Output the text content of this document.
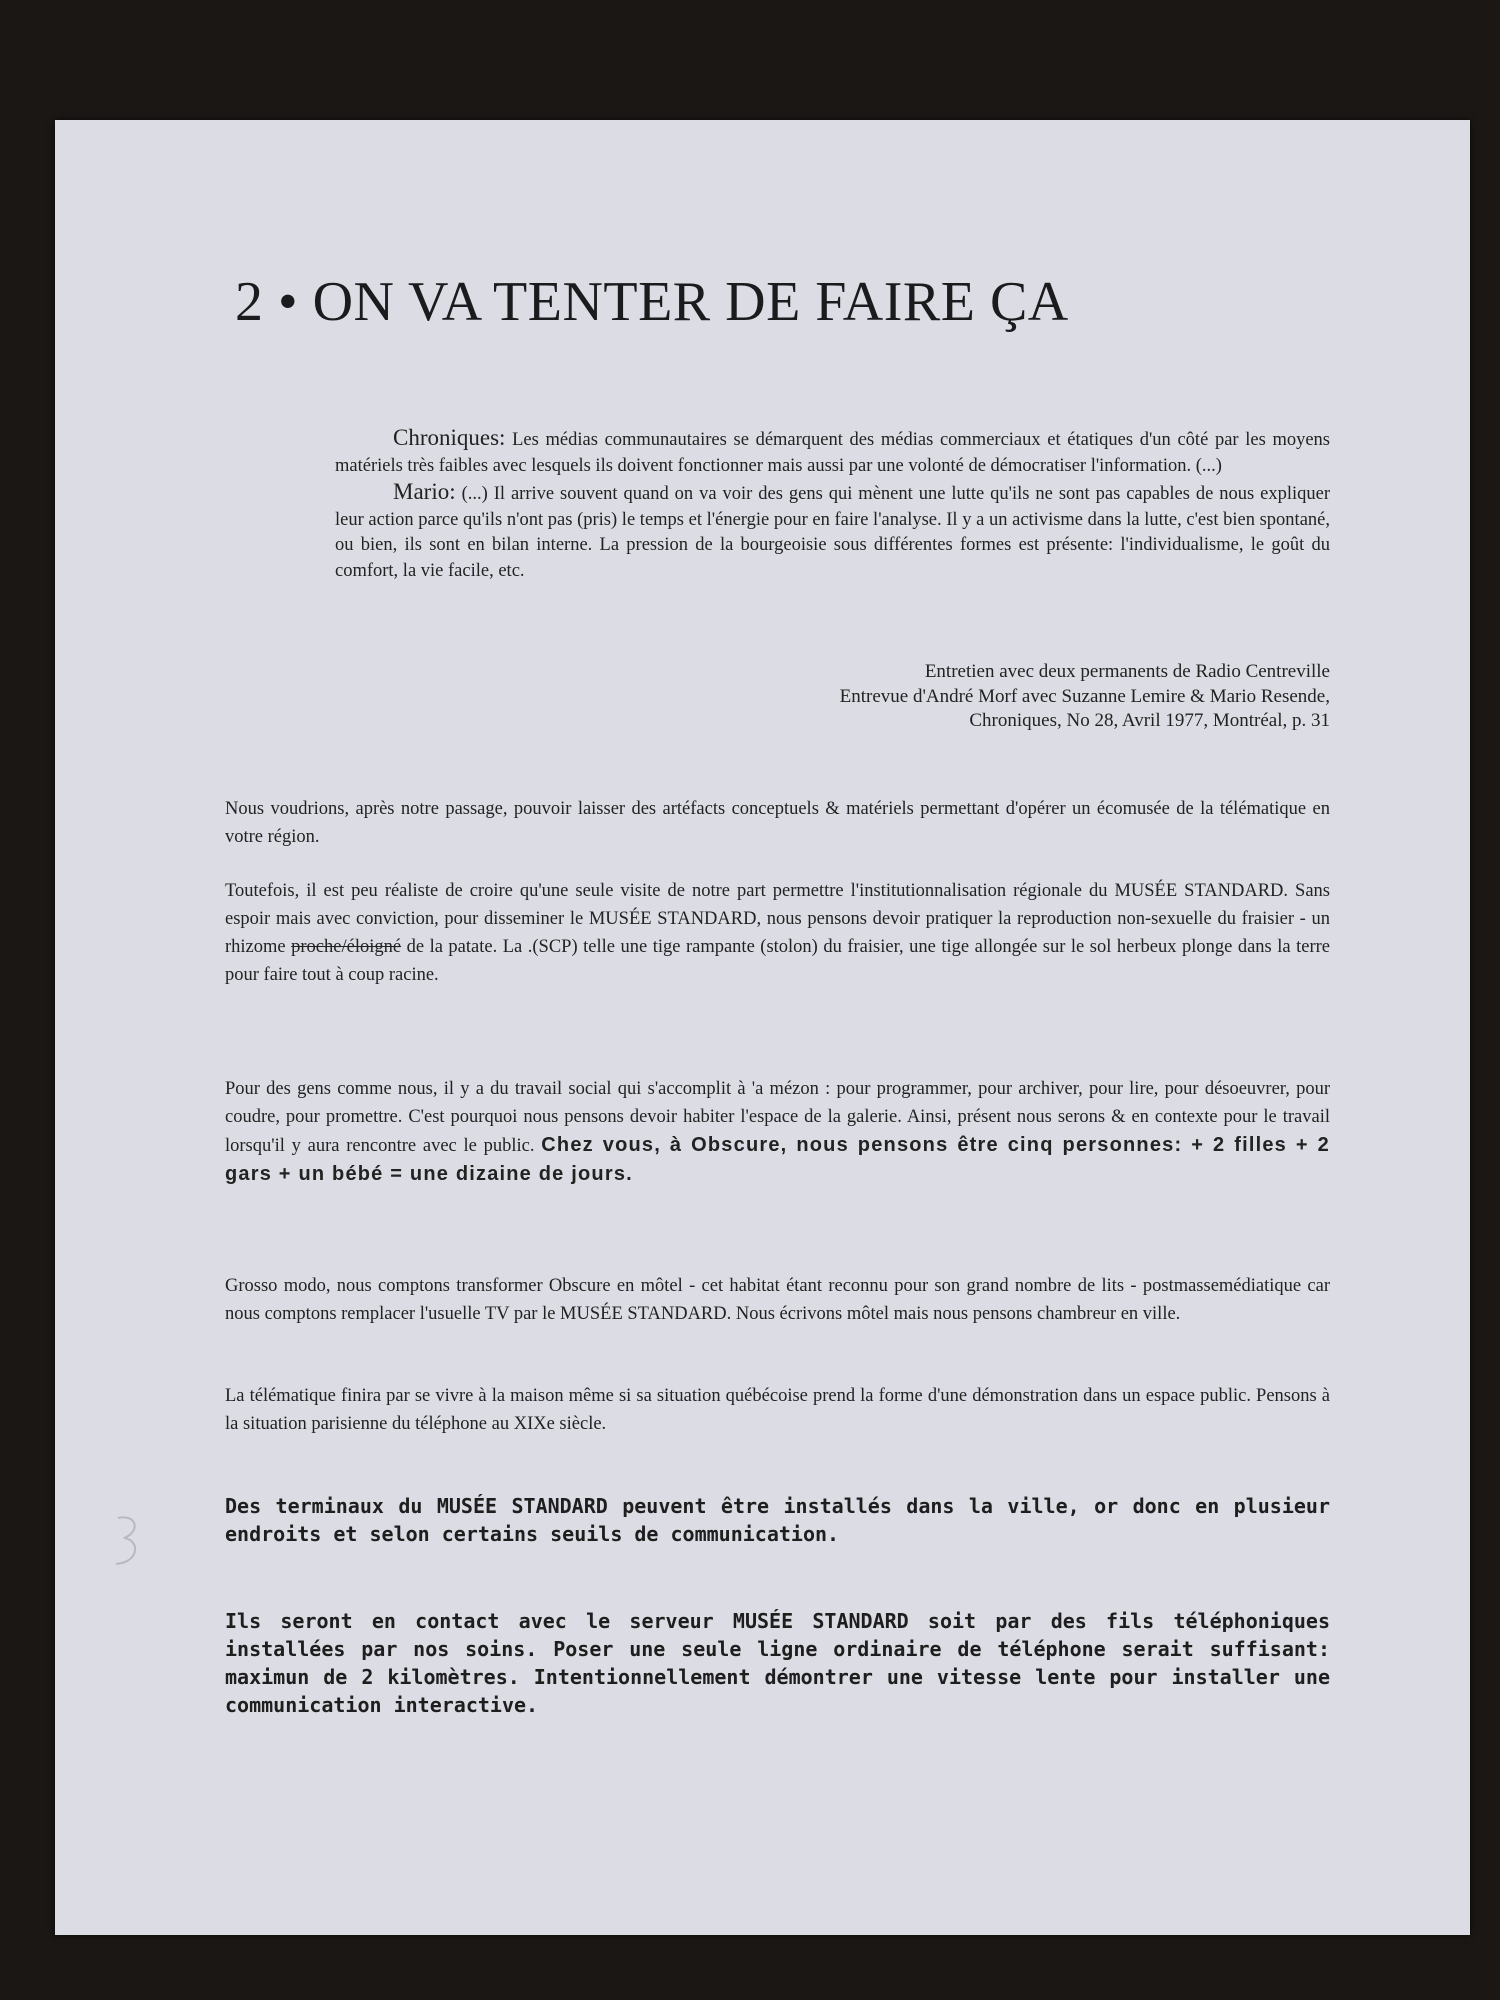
2 • ON VA TENTER DE FAIRE ÇA

Chroniques: Les médias communautaires se démarquent des médias commerciaux et étatiques d'un côté par les moyens matériels très faibles avec lesquels ils doivent fonctionner mais aussi par une volonté de démocratiser l'information. (...)

Mario: (...) Il arrive souvent quand on va voir des gens qui mènent une lutte qu'ils ne sont pas capables de nous expliquer leur action parce qu'ils n'ont pas (pris) le temps et l'énergie pour en faire l'analyse. Il y a un activisme dans la lutte, c'est bien spontané, ou bien, ils sont en bilan interne. La pression de la bourgeoisie sous différentes formes est présente: l'individualisme, le goût du comfort, la vie facile, etc.

Entretien avec deux permanents de Radio Centreville
Entrevue d'André Morf avec Suzanne Lemire & Mario Resende,
Chroniques, No 28, Avril 1977, Montréal, p. 31

Nous voudrions, après notre passage, pouvoir laisser des artéfacts conceptuels & matériels permettant d'opérer un écomusée de la télématique en votre région.

Toutefois, il est peu réaliste de croire qu'une seule visite de notre part permettre l'institutionnalisation régionale du MUSÉE STANDARD. Sans espoir mais avec conviction, pour disseminer le MUSÉE STANDARD, nous pensons devoir pratiquer la reproduction non-sexuelle du fraisier - un rhizome proche/éloigné de la patate. La .(SCP) telle une tige rampante (stolon) du fraisier, une tige allongée sur le sol herbeux plonge dans la terre pour faire tout à coup racine.

Pour des gens comme nous, il y a du travail social qui s'accomplit à 'a mézon : pour programmer, pour archiver, pour lire, pour désoeuvrer, pour coudre, pour promettre. C'est pourquoi nous pensons devoir habiter l'espace de la galerie. Ainsi, présent nous serons & en contexte pour le travail lorsqu'il y aura rencontre avec le public. Chez vous, à Obscure, nous pensons être cinq personnes: + 2 filles + 2 gars + un bébé = une dizaine de jours.

Grosso modo, nous comptons transformer Obscure en môtel - cet habitat étant reconnu pour son grand nombre de lits - postmassemédiatique car nous comptons remplacer l'usuelle TV par le MUSÉE STANDARD. Nous écrivons môtel mais nous pensons chambreur en ville.

La télématique finira par se vivre à la maison même si sa situation québécoise prend la forme d'une démonstration dans un espace public. Pensons à la situation parisienne du téléphone au XIXe siècle.

Des terminaux du MUSÉE STANDARD peuvent être installés dans la ville, or donc en plusieur endroits et selon certains seuils de communication.

Ils seront en contact avec le serveur MUSÉE STANDARD soit par des fils téléphoniques installées par nos soins. Poser une seule ligne ordinaire de téléphone serait suffisant: maximun de 2 kilomètres. Intentionnellement démontrer une vitesse lente pour installer une communication interactive.
